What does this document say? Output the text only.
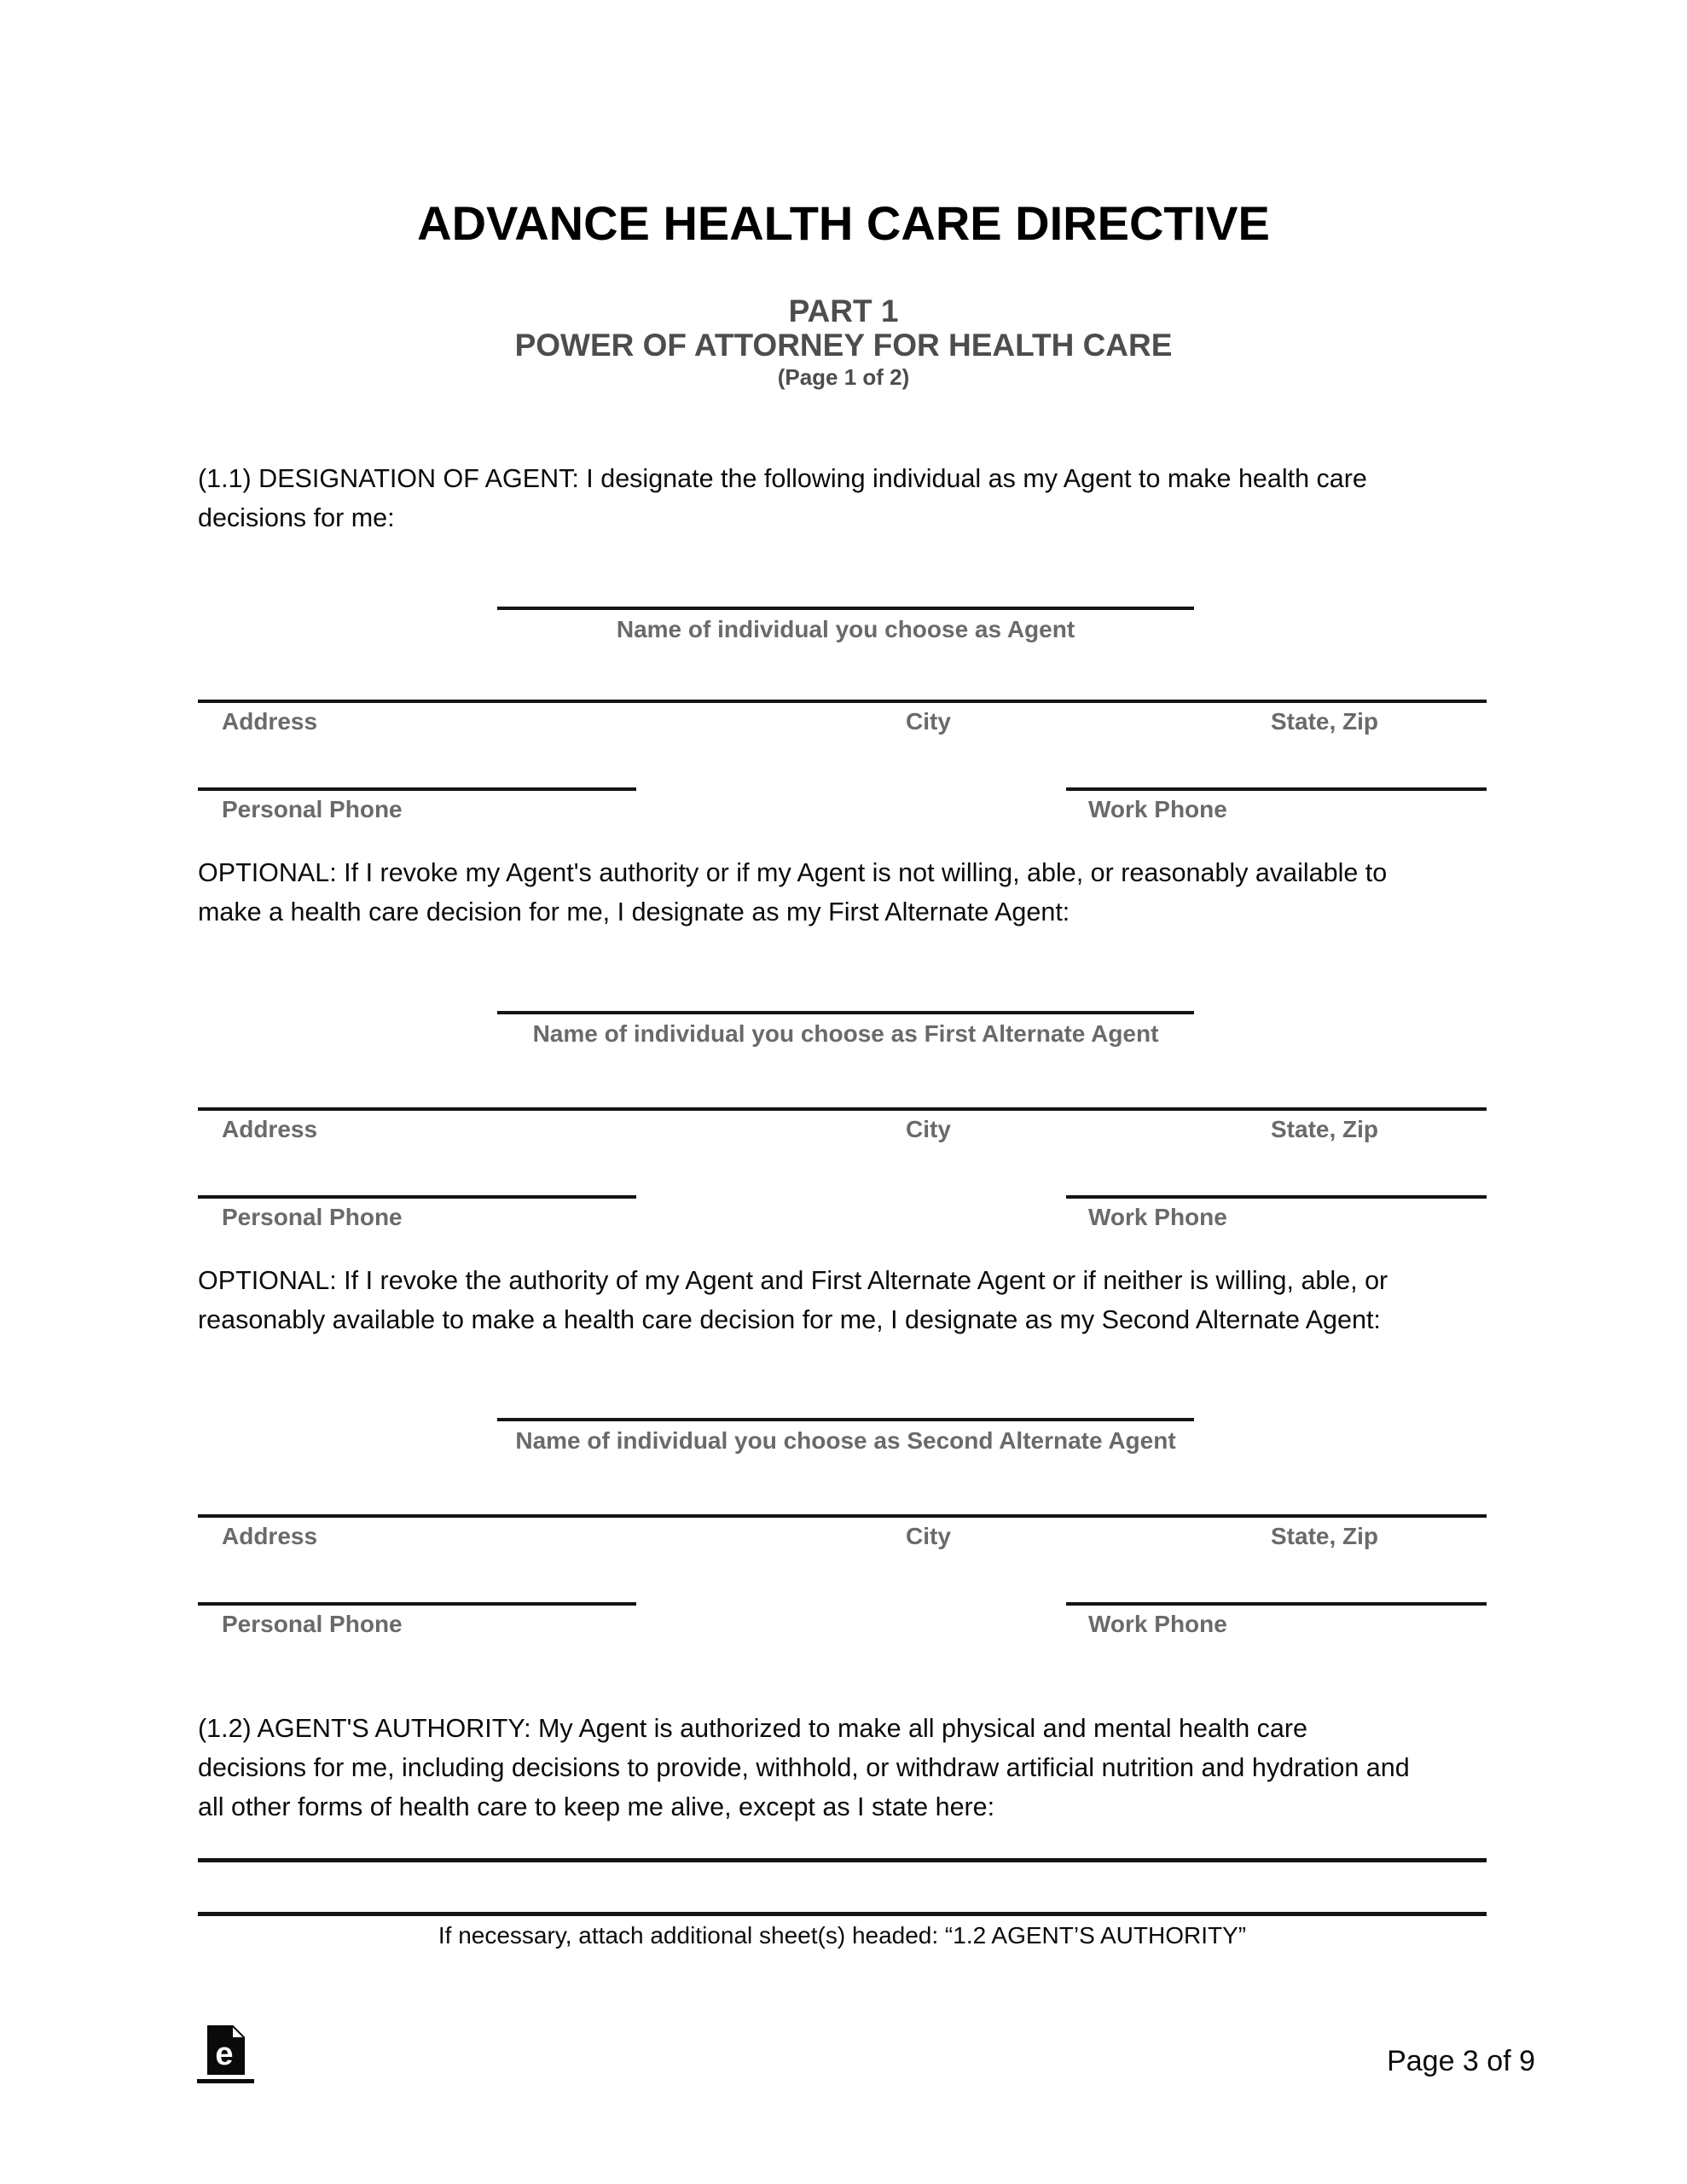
ADVANCE HEALTH CARE DIRECTIVE
PART 1
POWER OF ATTORNEY FOR HEALTH CARE
(Page 1 of 2)
(1.1) DESIGNATION OF AGENT: I designate the following individual as my Agent to make health care
decisions for me:
Name of individual you choose as Agent
Address	City	State, Zip
Personal Phone	Work Phone
OPTIONAL: If I revoke my Agent's authority or if my Agent is not willing, able, or reasonably available to
make a health care decision for me, I designate as my First Alternate Agent:
Name of individual you choose as First Alternate Agent
Address	City	State, Zip
Personal Phone	Work Phone
OPTIONAL: If I revoke the authority of my Agent and First Alternate Agent or if neither is willing, able, or
reasonably available to make a health care decision for me, I designate as my Second Alternate Agent:
Name of individual you choose as Second Alternate Agent
Address	City	State, Zip
Personal Phone	Work Phone
(1.2) AGENT'S AUTHORITY: My Agent is authorized to make all physical and mental health care
decisions for me, including decisions to provide, withhold, or withdraw artificial nutrition and hydration and
all other forms of health care to keep me alive, except as I state here:
If necessary, attach additional sheet(s) headed: “1.2 AGENT’S AUTHORITY”
e	Page 3 of 9
